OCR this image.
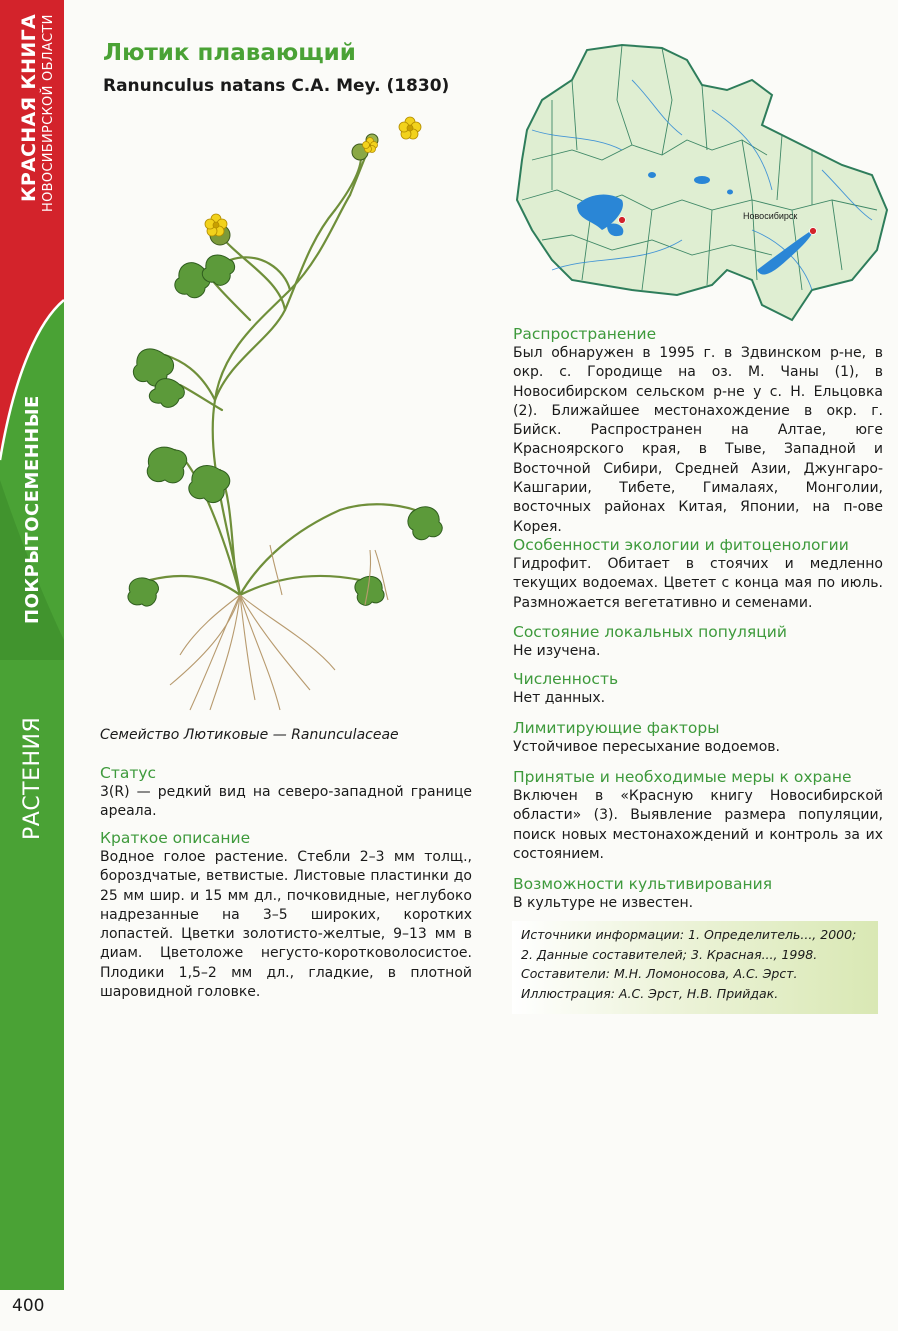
КРАСНАЯ КНИГА НОВОСИБИРСКОЙ ОБЛАСТИ
ПОКРЫТОСЕМЕННЫЕ
РАСТЕНИЯ
400
Лютик плавающий
Ranunculus natans C.A. Mey. (1830)
Семейство Лютиковые — Ranunculaceae
Новосибирск
Статус

3(R) — редкий вид на северо-западной границе ареала.

Краткое описание

Водное голое растение. Стебли 2–3 мм толщ., бороздчатые, ветвистые. Листовые пластинки до 25 мм шир. и 15 мм дл., почковидные, неглубоко надрезанные на 3–5 широких, коротких лопастей. Цветки золотисто-желтые, 9–13 мм в диам. Цветоложе негусто-коротковолосистое. Плодики 1,5–2 мм дл., гладкие, в плотной шаровидной головке.

Распространение

Был обнаружен в 1995 г. в Здвинском р-не, в окр. с. Городище на оз. М. Чаны (1), в Новосибирском сельском р-не у с. Н. Ельцовка (2). Ближайшее местонахождение в окр. г. Бийск. Распространен на Алтае, юге Красноярского края, в Тыве, Западной и Восточной Сибири, Средней Азии, Джунгаро-Кашгарии, Тибете, Гималаях, Монголии, восточных районах Китая, Японии, на п-ове Корея.

Особенности экологии и фитоценологии

Гидрофит. Обитает в стоячих и медленно текущих водоемах. Цветет с конца мая по июль. Размножается вегетативно и семенами.

Состояние локальных популяций

Не изучена.

Численность

Нет данных.

Лимитирующие факторы

Устойчивое пересыхание водоемов.

Принятые и необходимые меры к охране

Включен в «Красную книгу Новосибирской области» (3). Выявление размера популяции, поиск новых местонахождений и контроль за их состоянием.

Возможности культивирования

В культуре не известен.

Источники информации: 1. Определитель..., 2000;

2. Данные составителей; 3. Красная..., 1998.

Составители: М.Н. Ломоносова, А.С. Эрст.

Иллюстрация: А.С. Эрст, Н.В. Прийдак.
